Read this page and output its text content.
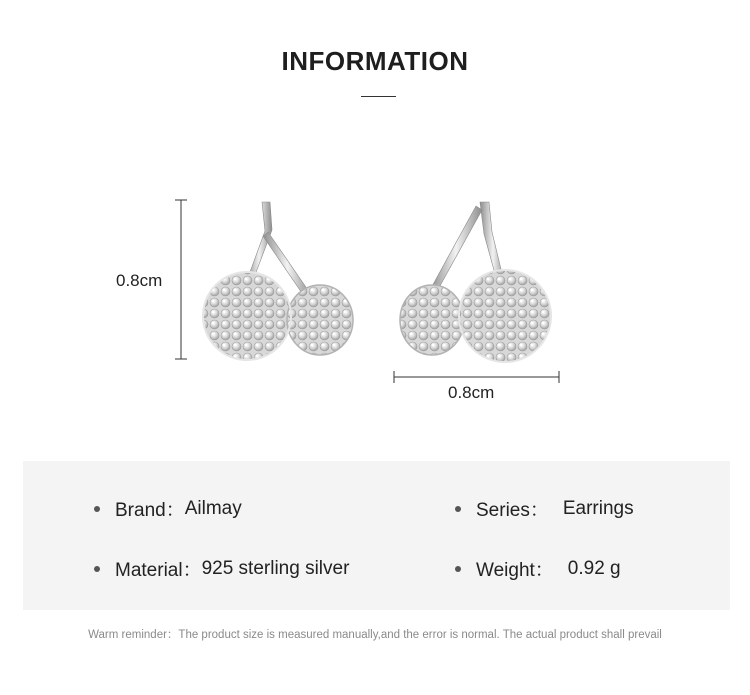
INFORMATION
0.8cm
0.8cm
Brand： Ailmay	Series： Earrings
Material： 925 sterling silver	Weight： 0.92 g
Warm reminder：The product size is measured manually,and the error is normal. The actual product shall prevail
